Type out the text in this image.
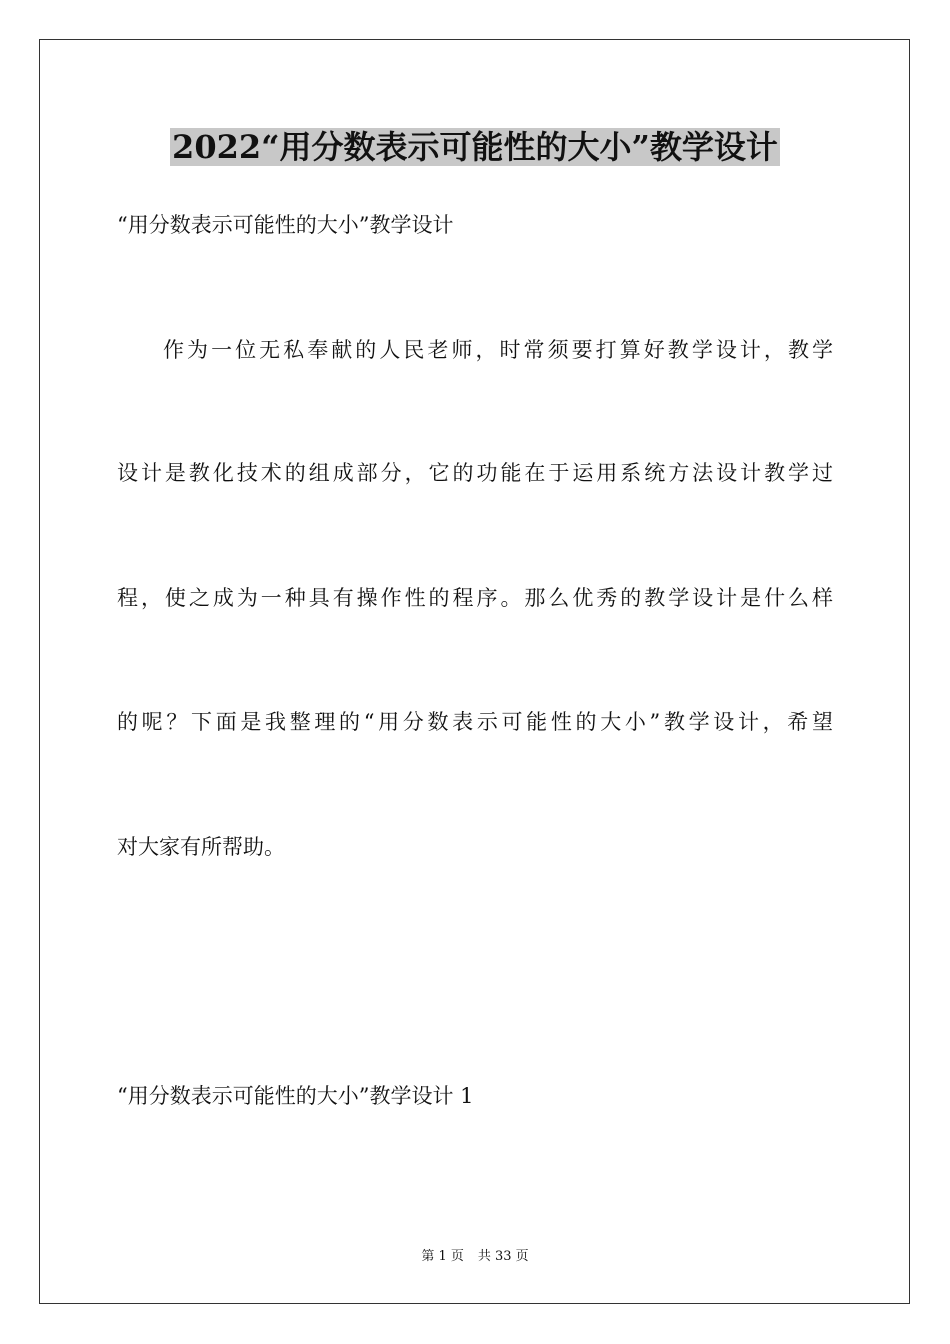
2022“用分数表示可能性的大小”教学设计

“用分数表示可能性的大小”教学设计

作为一位无私奉献的人民老师，时常须要打算好教学设计，教学

设计是教化技术的组成部分，它的功能在于运用系统方法设计教学过

程，使之成为一种具有操作性的程序。那么优秀的教学设计是什么样

的呢？下面是我整理的“用分数表示可能性的大小”教学设计，希望

对大家有所帮助。

“用分数表示可能性的大小”教学设计 1

第 1 页 共 33 页
